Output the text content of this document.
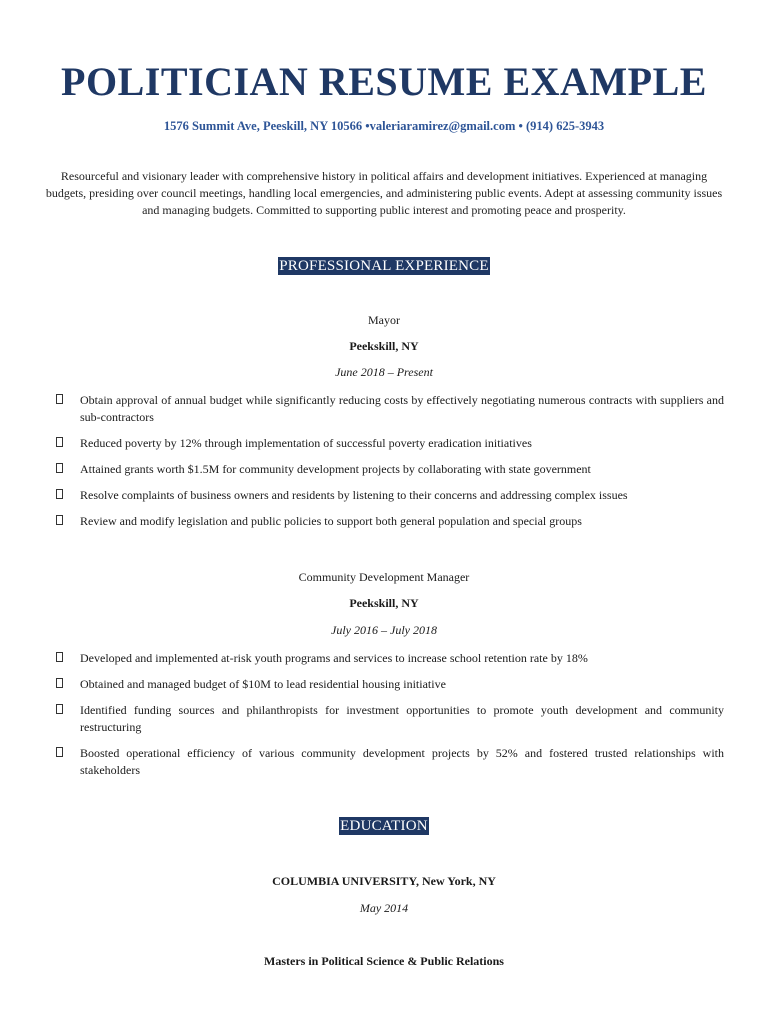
POLITICIAN RESUME EXAMPLE
1576 Summit Ave, Peeskill, NY 10566 •valeriaramirez@gmail.com • (914) 625-3943
Resourceful and visionary leader with comprehensive history in political affairs and development initiatives. Experienced at managing budgets, presiding over council meetings, handling local emergencies, and administering public events. Adept at assessing community issues and managing budgets. Committed to supporting public interest and promoting peace and prosperity.
PROFESSIONAL EXPERIENCE
Mayor
Peekskill, NY
June 2018 – Present
Obtain approval of annual budget while significantly reducing costs by effectively negotiating numerous contracts with suppliers and sub-contractors
Reduced poverty by 12% through implementation of successful poverty eradication initiatives
Attained grants worth $1.5M for community development projects by collaborating with state government
Resolve complaints of business owners and residents by listening to their concerns and addressing complex issues
Review and modify legislation and public policies to support both general population and special groups
Community Development Manager
Peekskill, NY
July 2016 – July 2018
Developed and implemented at-risk youth programs and services to increase school retention rate by 18%
Obtained and managed budget of $10M to lead residential housing initiative
Identified funding sources and philanthropists for investment opportunities to promote youth development and community restructuring
Boosted operational efficiency of various community development projects by 52% and fostered trusted relationships with stakeholders
EDUCATION
COLUMBIA UNIVERSITY, New York, NY
May 2014
Masters in Political Science & Public Relations
